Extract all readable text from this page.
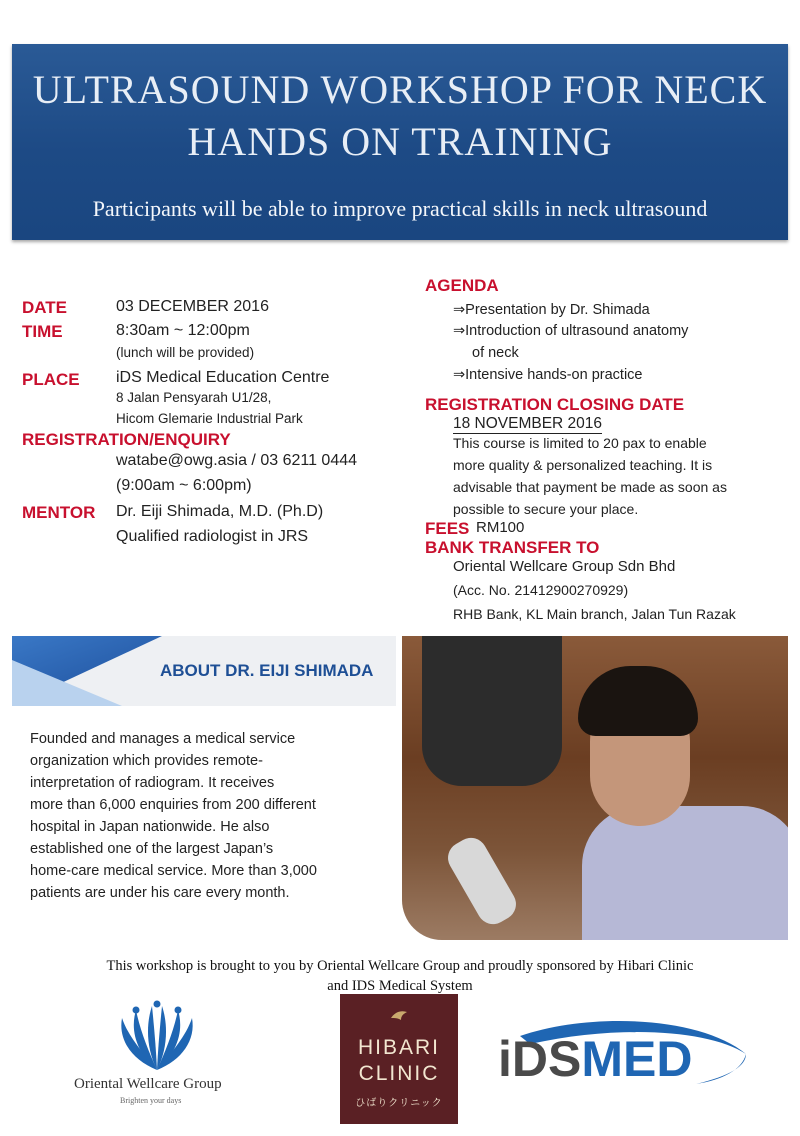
ULTRASOUND WORKSHOP FOR NECK
HANDS ON TRAINING
Participants will be able to improve practical skills in neck ultrasound
DATE	03 DECEMBER 2016
TIME	8:30am ~ 12:00pm
(lunch will be provided)
PLACE iDS Medical Education Centre
8 Jalan Pensyarah U1/28,
Hicom Glemarie Industrial Park
REGISTRATION/ENQUIRY
watabe@owg.asia / 03 6211 0444
(9:00am ~ 6:00pm)
MENTOR Dr. Eiji Shimada, M.D. (Ph.D)
Qualified radiologist in JRS
AGENDA
⇒Presentation by Dr. Shimada
⇒Introduction of ultrasound anatomy
of neck
⇒Intensive hands-on practice
REGISTRATION CLOSING DATE
18 NOVEMBER 2016
This course is limited to 20 pax to enable
more quality & personalized teaching. It is
advisable that payment be made as soon as
possible to secure your place.
FEES RM100
BANK TRANSFER TO
Oriental Wellcare Group Sdn Bhd
(Acc. No. 21412900270929)
RHB Bank, KL Main branch, Jalan Tun Razak
ABOUT DR. EIJI SHIMADA
Founded and manages a medical service
organization which provides remote-
interpretation of radiogram. It receives
more than 6,000 enquiries from 200 different
hospital in Japan nationwide. He also
established one of the largest Japan’s
home-care medical service. More than 3,000
patients are under his care every month.
This workshop is brought to you by Oriental Wellcare Group and proudly sponsored by Hibari Clinic
and IDS Medical System
Oriental Wellcare Group
Brighten your days
HIBARI
CLINIC
ひばりクリニック
iDSMED
